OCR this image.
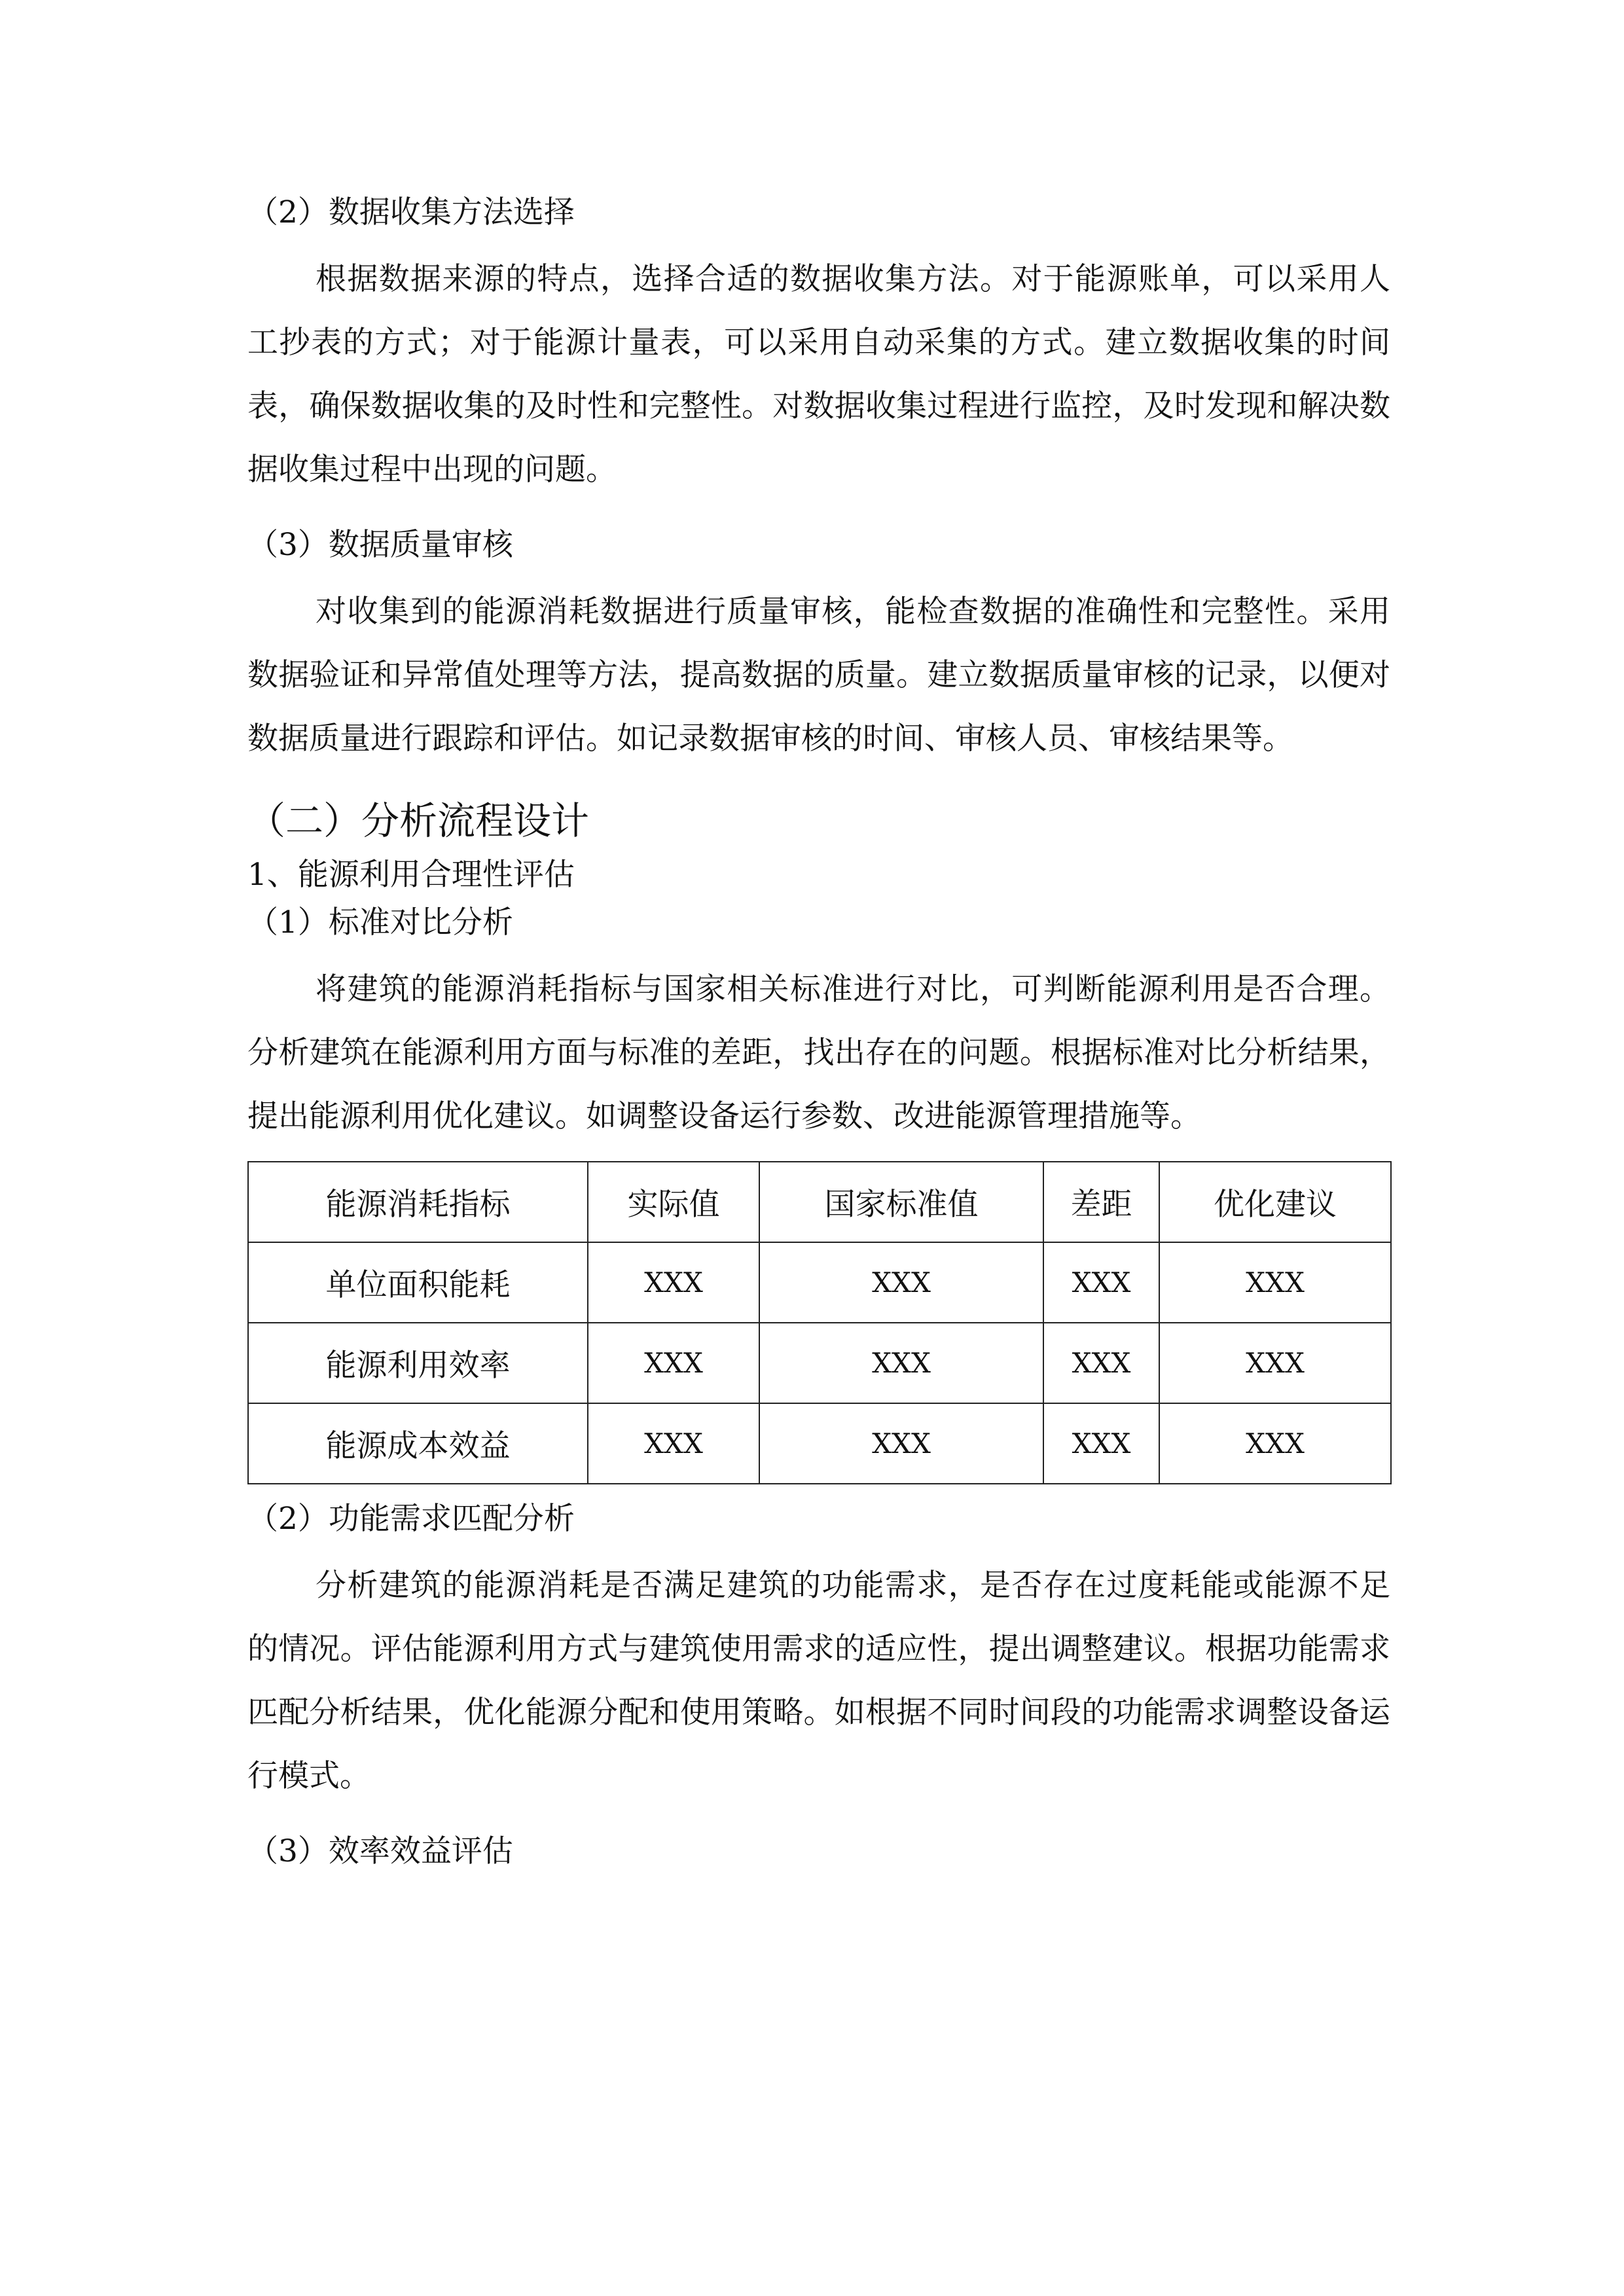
（2）数据收集方法选择

根据数据来源的特点，选择合适的数据收集方法。对于能源账单，可以采用人工抄表的方式；对于能源计量表，可以采用自动采集的方式。建立数据收集的时间表，确保数据收集的及时性和完整性。对数据收集过程进行监控，及时发现和解决数据收集过程中出现的问题。

（3）数据质量审核

对收集到的能源消耗数据进行质量审核，能检查数据的准确性和完整性。采用数据验证和异常值处理等方法，提高数据的质量。建立数据质量审核的记录，以便对数据质量进行跟踪和评估。如记录数据审核的时间、审核人员、审核结果等。

（二）分析流程设计

1、能源利用合理性评估

（1）标准对比分析

将建筑的能源消耗指标与国家相关标准进行对比，可判断能源利用是否合理。分析建筑在能源利用方面与标准的差距，找出存在的问题。根据标准对比分析结果，提出能源利用优化建议。如调整设备运行参数、改进能源管理措施等。

能源消耗指标	实际值	国家标准值	差距	优化建议
单位面积能耗	XXX	XXX	XXX	XXX
能源利用效率	XXX	XXX	XXX	XXX
能源成本效益	XXX	XXX	XXX	XXX

（2）功能需求匹配分析

分析建筑的能源消耗是否满足建筑的功能需求，是否存在过度耗能或能源不足的情况。评估能源利用方式与建筑使用需求的适应性，提出调整建议。根据功能需求匹配分析结果，优化能源分配和使用策略。如根据不同时间段的功能需求调整设备运行模式。

（3）效率效益评估
